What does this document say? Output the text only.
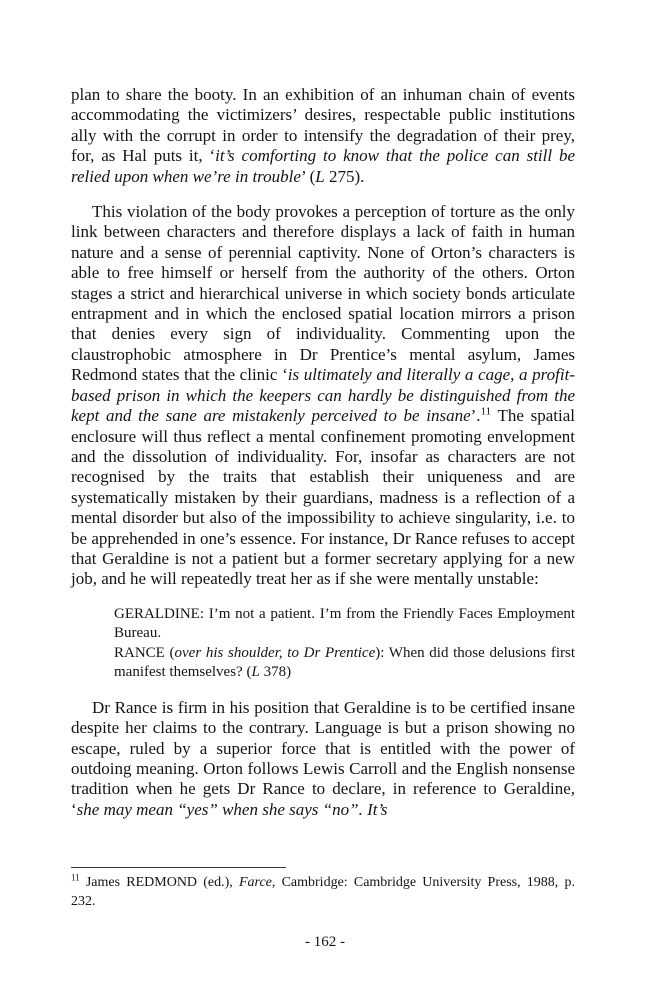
plan to share the booty. In an exhibition of an inhuman chain of events accommodating the victimizers’ desires, respectable public institutions ally with the corrupt in order to intensify the degradation of their prey, for, as Hal puts it, ‘it’s comforting to know that the police can still be relied upon when we’re in trouble’ (L 275).

This violation of the body provokes a perception of torture as the only link between characters and therefore displays a lack of faith in human nature and a sense of perennial captivity. None of Orton’s characters is able to free himself or herself from the authority of the others. Orton stages a strict and hierarchical universe in which society bonds articulate entrapment and in which the enclosed spatial location mirrors a prison that denies every sign of individuality. Commenting upon the claustrophobic atmosphere in Dr Prentice’s mental asylum, James Redmond states that the clinic ‘is ultimately and literally a cage, a profit-based prison in which the keepers can hardly be distinguished from the kept and the sane are mistakenly perceived to be insane’.$^{11}$ The spatial enclosure will thus reflect a mental confinement promoting envelopment and the dissolution of individuality. For, insofar as characters are not recognised by the traits that establish their uniqueness and are systematically mistaken by their guardians, madness is a reflection of a mental disorder but also of the impossibility to achieve singularity, i.e. to be apprehended in one’s essence. For instance, Dr Rance refuses to accept that Geraldine is not a patient but a former secretary applying for a new job, and he will repeatedly treat her as if she were mentally unstable:

GERALDINE: I’m not a patient. I’m from the Friendly Faces Employment Bureau.

RANCE (over his shoulder, to Dr Prentice): When did those delusions first manifest themselves? (L 378)

Dr Rance is firm in his position that Geraldine is to be certified insane despite her claims to the contrary. Language is but a prison showing no escape, ruled by a superior force that is entitled with the power of outdoing meaning. Orton follows Lewis Carroll and the English nonsense tradition when he gets Dr Rance to declare, in reference to Geraldine, ‘she may mean “yes” when she says “no”. It’s

$^{11}$ James REDMOND (ed.), Farce, Cambridge: Cambridge University Press, 1988, p. 232.

- 162 -
